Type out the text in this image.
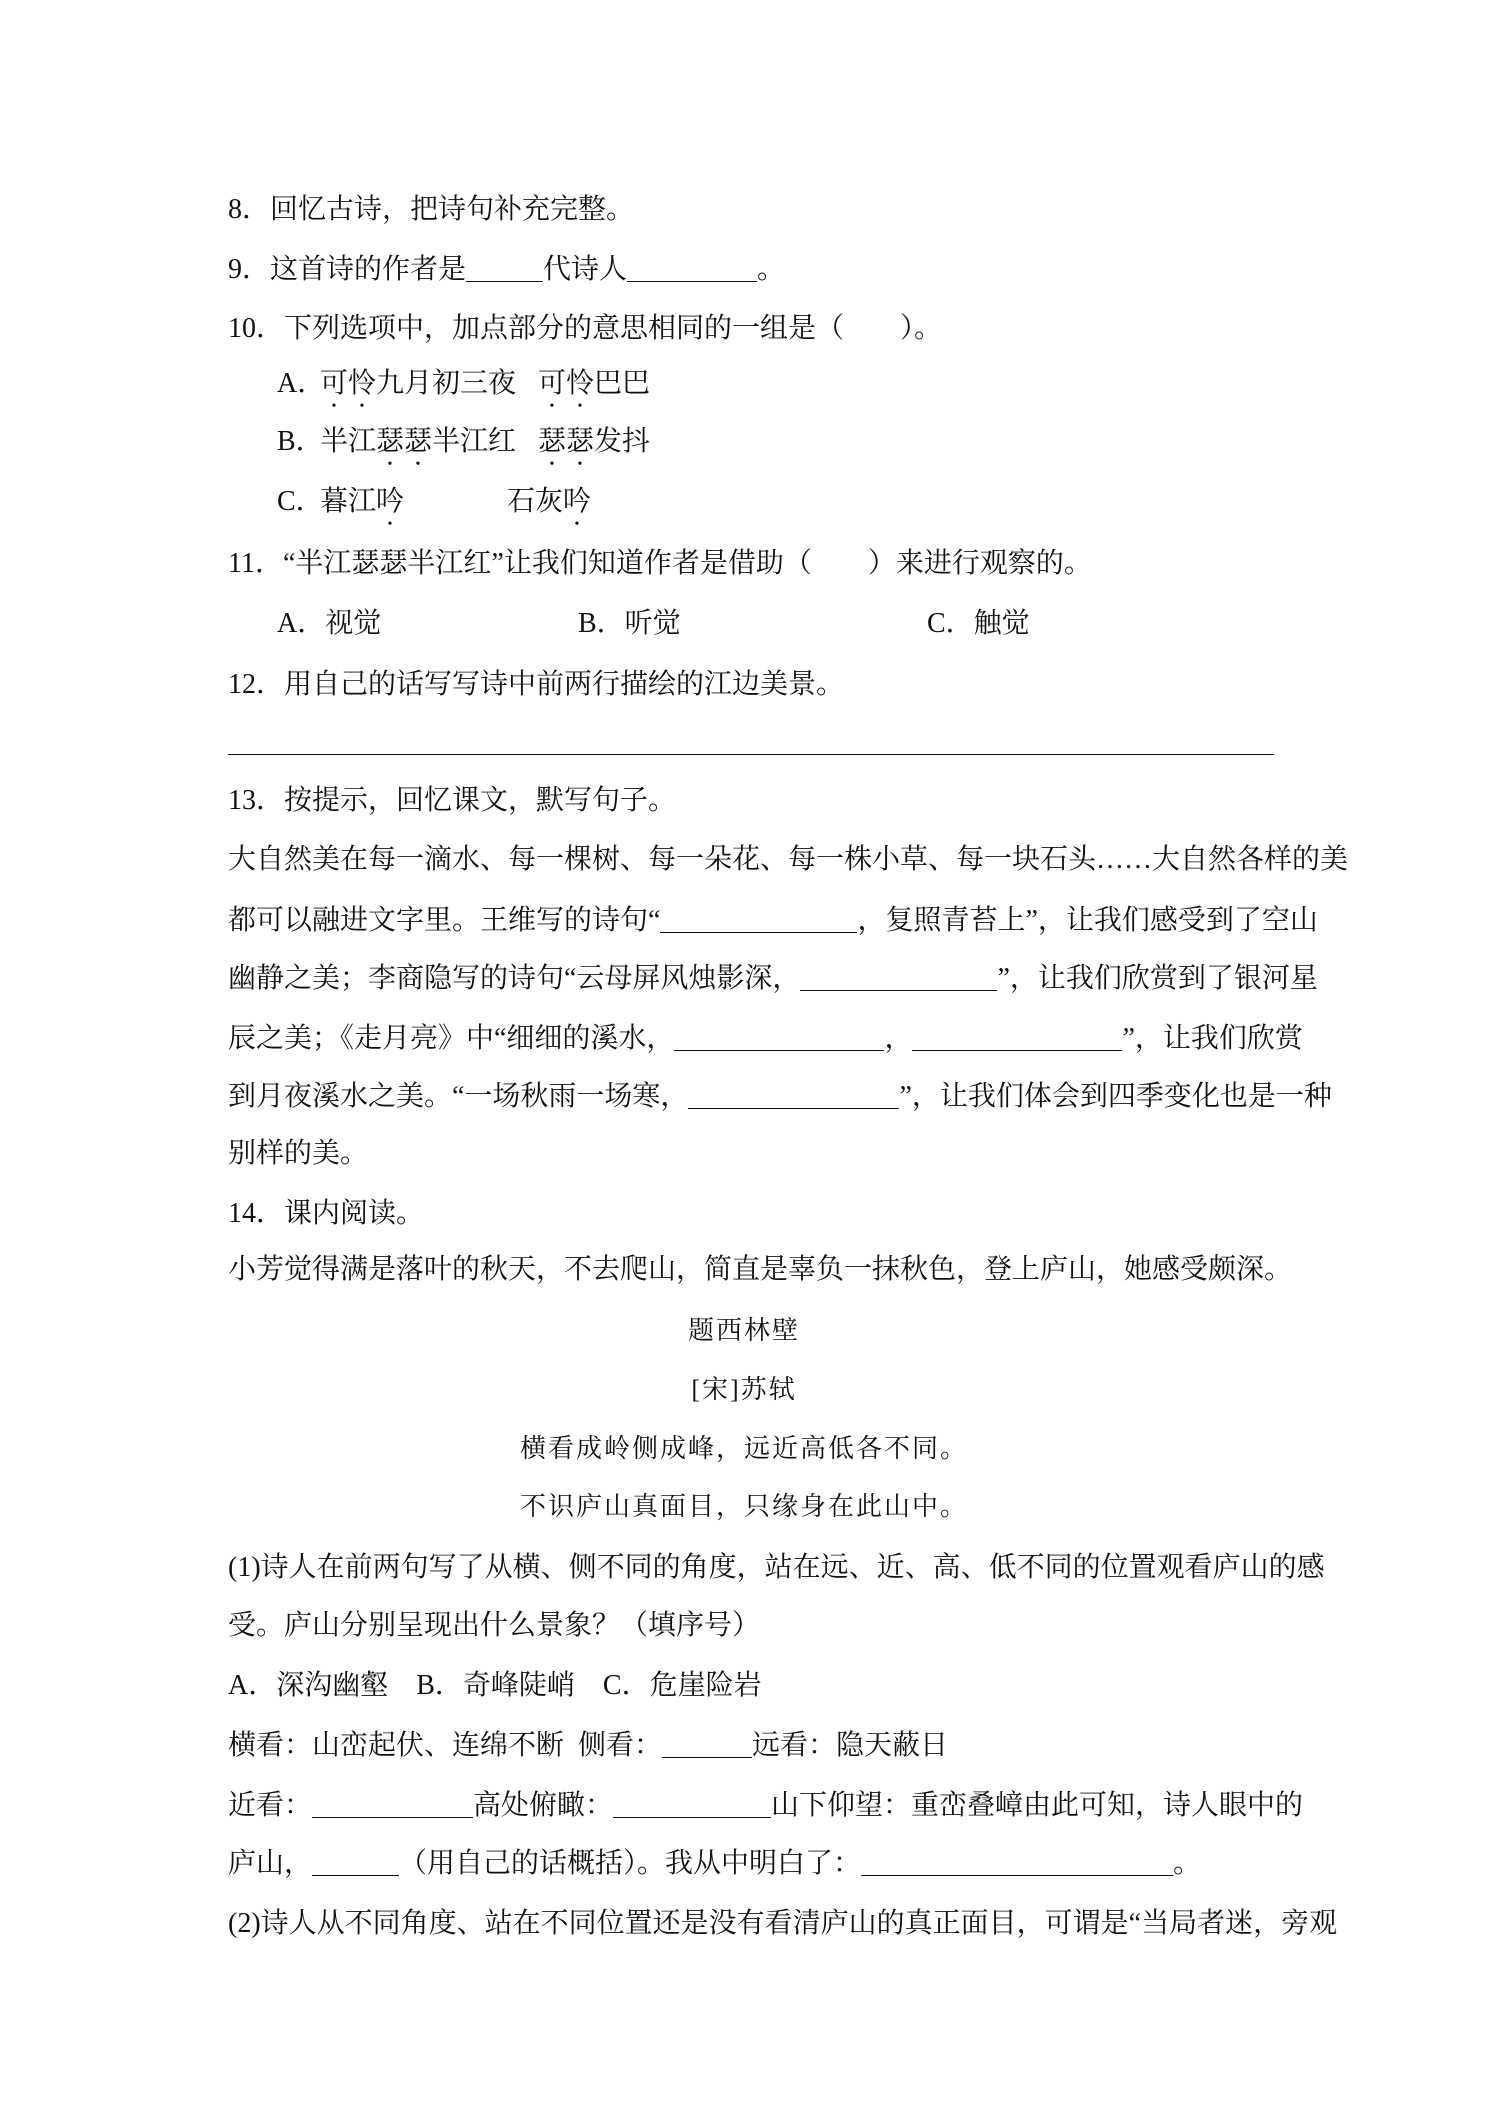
8．回忆古诗，把诗句补充完整。
9．这首诗的作者是	代诗人	。
10．下列选项中，加点部分的意思相同的一组是（　　）。
A．
可怜九月初三夜 可怜巴巴
B．
半江瑟瑟半江红 瑟瑟发抖
C．
暮江吟	石灰吟
11．“半江瑟瑟半江红”让我们知道作者是借助（　　）来进行观察的。
A．视觉	B．听觉	C．触觉
12．用自己的话写写诗中前两行描绘的江边美景。
13．按提示，回忆课文，默写句子。
大自然美在每一滴水、每一棵树、每一朵花、每一株小草、每一块石头……大自然各样的美
都可以融进文字里。王维写的诗句“	，复照青苔上”，让我们感受到了空山
幽静之美；李商隐写的诗句“云母屏风烛影深，	”，让我们欣赏到了银河星
辰之美；《走月亮》中“细细的溪水，	，	”，让我们欣赏
到月夜溪水之美。“一场秋雨一场寒，	”，让我们体会到四季变化也是一种
别样的美。
14．课内阅读。
小芳觉得满是落叶的秋天，不去爬山，简直是辜负一抹秋色，登上庐山，她感受颇深。
题西林壁
[宋]苏轼
横看成岭侧成峰，远近高低各不同。
不识庐山真面目，只缘身在此山中。
(1)诗人在前两句写了从横、侧不同的角度，站在远、近、高、低不同的位置观看庐山的感
受。庐山分别呈现出什么景象？（填序号）
A．深沟幽壑　B．奇峰陡峭　C．危崖险岩
横看：山峦起伏、连绵不断  侧看：	远看：隐天蔽日
近看：	高处俯瞰：	山下仰望：重峦叠嶂由此可知，诗人眼中的
庐山，	（用自己的话概括）。我从中明白了：	。
(2)诗人从不同角度、站在不同位置还是没有看清庐山的真正面目，可谓是“当局者迷，旁观
